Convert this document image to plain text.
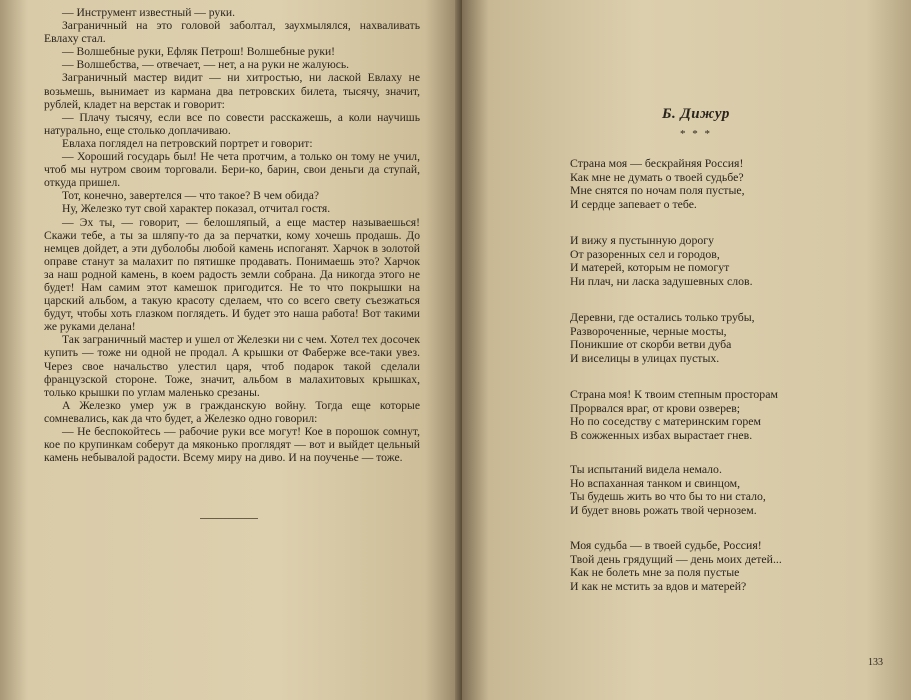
— Инструмент известный — руки.

Заграничный на это головой заболтал, заухмылялся, нахваливать Евлаху стал.

— Волшебные руки, Ефляк Петрош! Волшебные руки!

— Волшебства, — отвечает, — нет, а на руки не жалуюсь.

Заграничный мастер видит — ни хитростью, ни лаской Евлаху не возьмешь, вынимает из кармана два петровских билета, тысячу, значит, рублей, кладет на верстак и говорит:

— Плачу тысячу, если все по совести расскажешь, а коли научишь натурально, еще столько доплачиваю.

Евлаха поглядел на петровский портрет и говорит:

— Хороший государь был! Не чета протчим, а только он тому не учил, чтоб мы нутром своим торговали. Бери-ко, барин, свои деньги да ступай, откуда пришел.

Тот, конечно, завертелся — что такое? В чем обида?

Ну, Железко тут свой характер показал, отчитал гостя.

— Эх ты, — говорит, — белошляпый, а еще мастер называешься! Скажи тебе, а ты за шляпу-то да за перчатки, кому хочешь продашь. До немцев дойдет, а эти дуболобы любой камень испоганят. Харчок в золотой оправе станут за малахит по пятишке продавать. Понимаешь это? Харчок за наш родной камень, в коем радость земли собрана. Да никогда этого не будет! Нам самим этот камешок пригодится. Не то что покрышки на царский альбом, а такую красоту сделаем, что со всего свету съезжаться будут, чтобы хоть глазком поглядеть. И будет это наша работа! Вот такими же руками делана!

Так заграничный мастер и ушел от Железки ни с чем. Хотел тех досочек купить — тоже ни одной не продал. А крышки от Фаберже все-таки увез. Через свое начальство улестил царя, чтоб подарок такой сделали французской стороне. Тоже, значит, альбом в малахитовых крышках, только крышки по углам маленько срезаны.

А Железко умер уж в гражданскую войну. Тогда еще которые сомневались, как да что будет, а Железко одно говорил:

— Не беспокойтесь — рабочие руки все могут! Кое в порошок сомнут, кое по крупинкам соберут да мяконько проглядят — вот и выйдет цельный камень небывалой радости. Всему миру на диво. И на поученье — тоже.

Б. Дижур
* * *
Страна моя — бескрайняя Россия!
Как мне не думать о твоей судьбе?
Мне снятся по ночам поля пустые,
И сердце запевает о тебе.
И вижу я пустынную дорогу
От разоренных сел и городов,
И матерей, которым не помогут
Ни плач, ни ласка задушевных слов.
Деревни, где остались только трубы,
Развороченные, черные мосты,
Поникшие от скорби ветви дуба
И виселицы в улицах пустых.
Страна моя! К твоим степным просторам
Прорвался враг, от крови озверев;
Но по соседству с материнским горем
В сожженных избах вырастает гнев.
Ты испытаний видела немало.
Но вспаханная танком и свинцом,
Ты будешь жить во что бы то ни стало,
И будет вновь рожать твой чернозем.
Моя судьба — в твоей судьбе, Россия!
Твой день грядущий — день моих детей...
Как не болеть мне за поля пустые
И как не мстить за вдов и матерей?
133
